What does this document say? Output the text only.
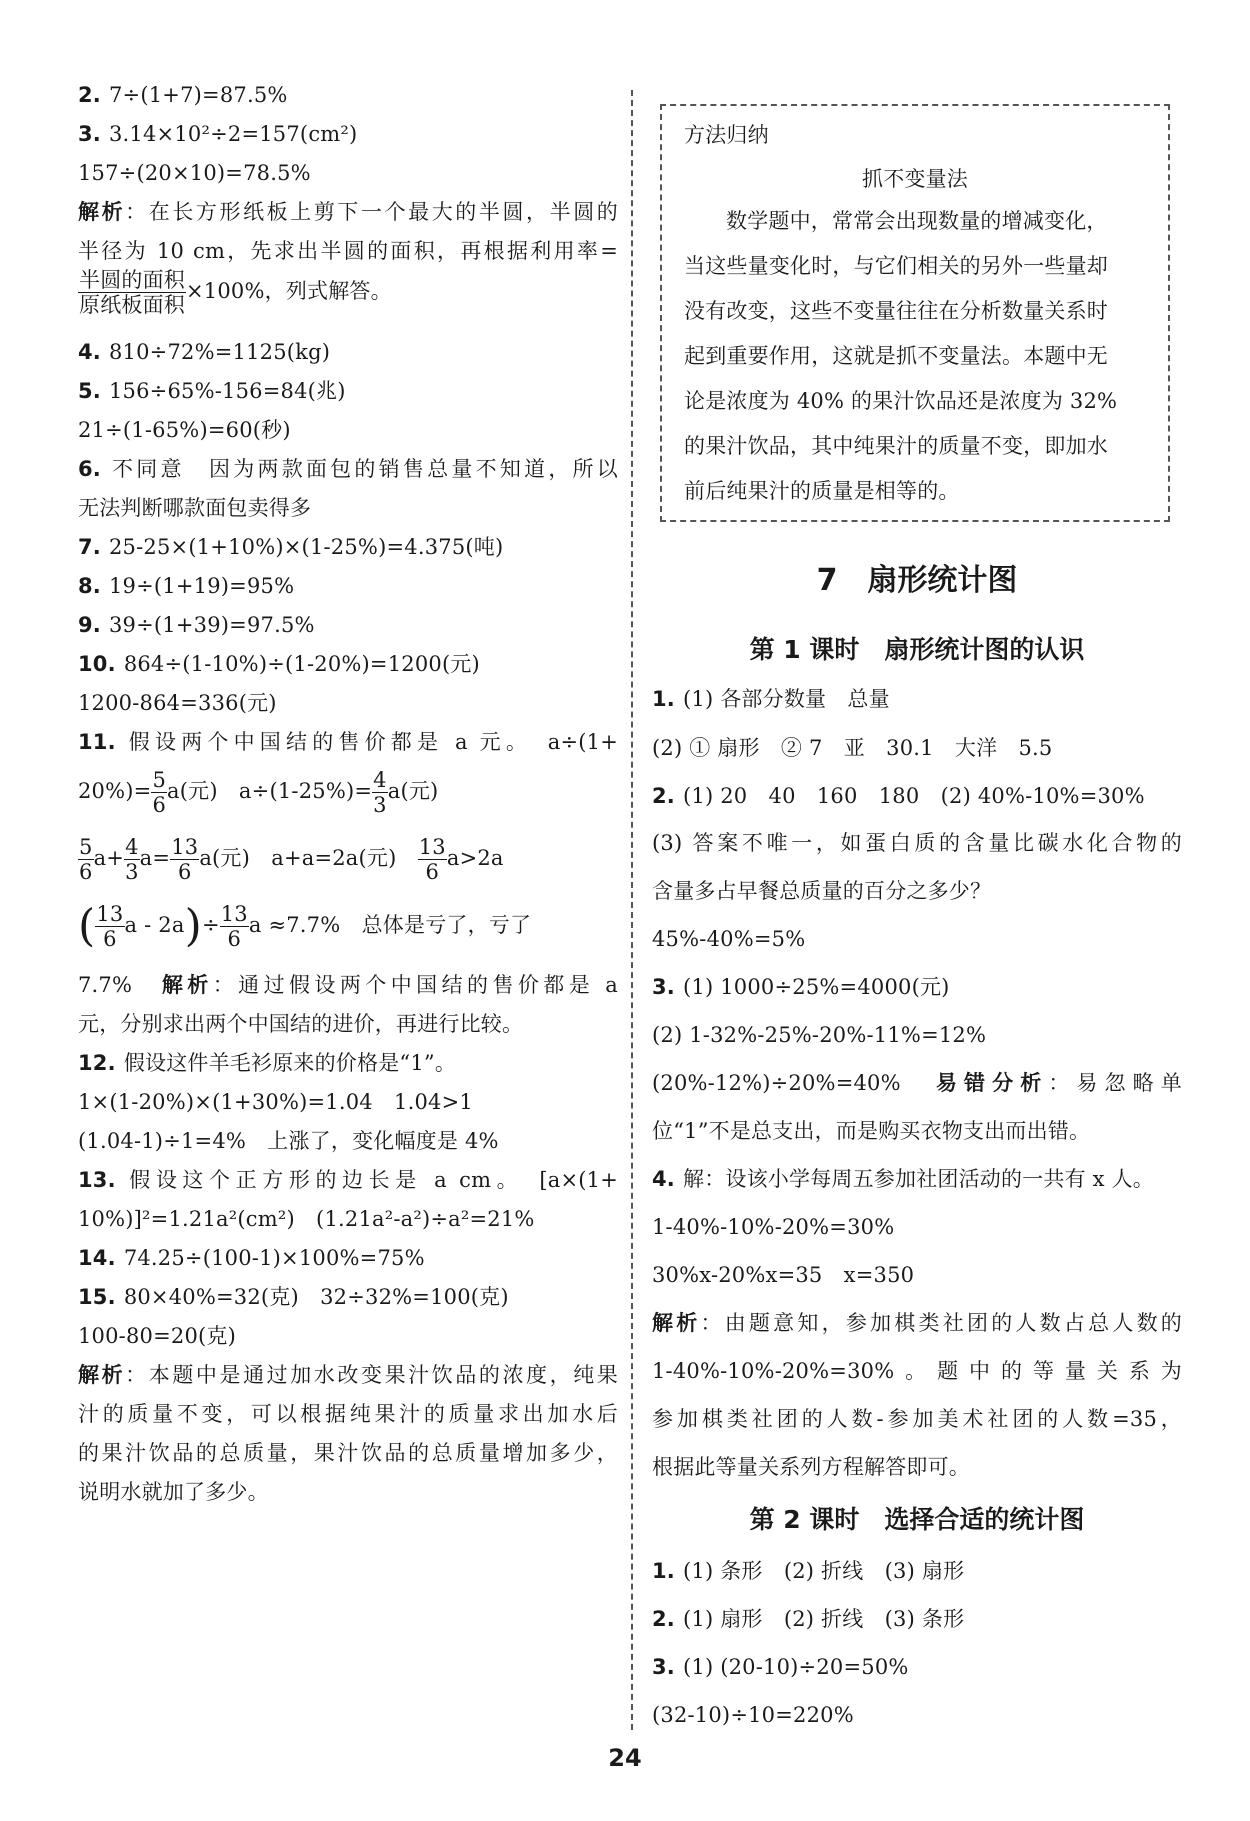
2. 7÷(1+7)=87.5%
3. 3.14×10²÷2=157(cm²)
157÷(20×10)=78.5%
解析：在长方形纸板上剪下一个最大的半圆，半圆的
半径为 10 cm，先求出半圆的面积，再根据利用率=
$\frac{\text{半圆的面积}}{\text{原纸板面积}} \times 100\%$，列式解答。
4. 810÷72%=1125(kg)
5. 156÷65%-156=84(兆)
21÷(1-65%)=60(秒)
6. 不同意　因为两款面包的销售总量不知道，所以
无法判断哪款面包卖得多
7. 25-25×(1+10%)×(1-25%)=4.375(吨)
8. 19÷(1+19)=95%
9. 39÷(1+39)=97.5%
10. 864÷(1-10%)÷(1-20%)=1200(元)
1200-864=336(元)
11. 假设两个中国结的售价都是 a 元。　a÷(1+
$20\%)= \frac{5}{6} a$(元)　$a\div(1-25\%)= \frac{4}{3} a$(元)
$\frac{5}{6} a+ \frac{4}{3} a= \frac{13}{6} a$(元)　a+a=2a(元)　 $\frac{13}{6} a>2a$
( $\frac{13}{6}$ $a - 2a)\div \frac{13}{6}$ a ≈7.7%　总体是亏了，亏了
7.7%　解析：通过假设两个中国结的售价都是 a
元，分别求出两个中国结的进价，再进行比较。
12. 假设这件羊毛衫原来的价格是“1”。
1×(1-20%)×(1+30%)=1.04　1.04>1
(1.04-1)÷1=4%　上涨了，变化幅度是 4%
13. 假设这个正方形的边长是 a cm。　[a×(1+
10%)]²=1.21a²(cm²)　(1.21a²-a²)÷a²=21%
14. 74.25÷(100-1)×100%=75%
15. 80×40%=32(克)　32÷32%=100(克)
100-80=20(克)
解析：本题中是通过加水改变果汁饮品的浓度，纯果
汁的质量不变，可以根据纯果汁的质量求出加水后
的果汁饮品的总质量，果汁饮品的总质量增加多少，
说明水就加了多少。
方法归纳
抓不变量法
数学题中，常常会出现数量的增减变化，
当这些量变化时，与它们相关的另外一些量却
没有改变，这些不变量往往在分析数量关系时
起到重要作用，这就是抓不变量法。本题中无
论是浓度为 40% 的果汁饮品还是浓度为 32%
的果汁饮品，其中纯果汁的质量不变，即加水
前后纯果汁的质量是相等的。
7　扇形统计图
第 1 课时　扇形统计图的认识
第 2 课时　选择合适的统计图
1. (1) 各部分数量　总量
(2) ① 扇形　② 7　亚　30.1　大洋　5.5
2. (1) 20　40　160　180　(2) 40%-10%=30%
(3) 答案不唯一，如蛋白质的含量比碳水化合物的
含量多占早餐总质量的百分之多少？
45%-40%=5%
3. (1) 1000÷25%=4000(元)
(2) 1-32%-25%-20%-11%=12%
(20%-12%)÷20%=40%　易错分析：易忽略单
位“1”不是总支出，而是购买衣物支出而出错。
4. 解：设该小学每周五参加社团活动的一共有 x 人。
1-40%-10%-20%=30%
30%x-20%x=35　x=350
解析：由题意知，参加棋类社团的人数占总人数的
1-40%-10%-20%=30%。题中的等量关系为
参加棋类社团的人数-参加美术社团的人数=35，
根据此等量关系列方程解答即可。
1. (1) 条形　(2) 折线　(3) 扇形
2. (1) 扇形　(2) 折线　(3) 条形
3. (1) (20-10)÷20=50%
(32-10)÷10=220%
24
